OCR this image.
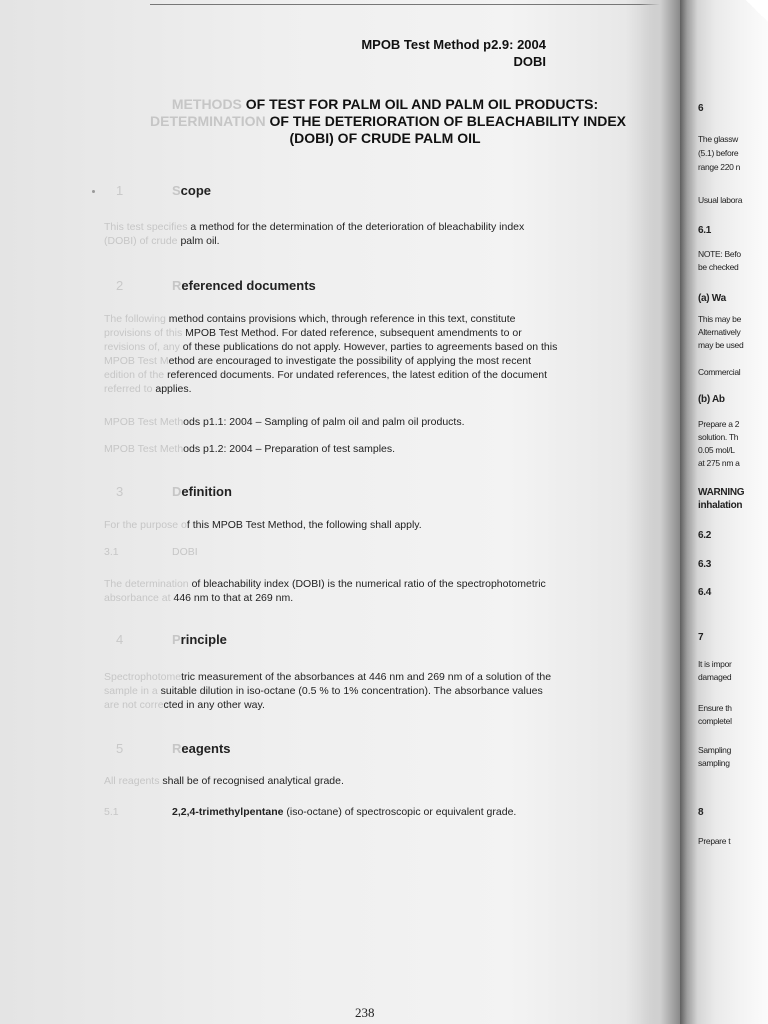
MPOB Test Method p2.9: 2004
DOBI
METHODS OF TEST FOR PALM OIL AND PALM OIL PRODUCTS:
DETERMINATION OF THE DETERIORATION OF BLEACHABILITY INDEX
(DOBI) OF CRUDE PALM OIL
1	Scope

This test specifies a method for the determination of the deterioration of bleachability index

(DOBI) of crude palm oil.

2	Referenced documents

The following method contains provisions which, through reference in this text, constitute

provisions of this MPOB Test Method. For dated reference, subsequent amendments to or

revisions of, any of these publications do not apply. However, parties to agreements based on this

MPOB Test Method are encouraged to investigate the possibility of applying the most recent

edition of the referenced documents. For undated references, the latest edition of the document

referred to applies.

MPOB Test Methods p1.1: 2004 – Sampling of palm oil and palm oil products.
MPOB Test Methods p1.2: 2004 – Preparation of test samples.
3	Definition
For the purpose of this MPOB Test Method, the following shall apply.
3.1	DOBI

The determination of bleachability index (DOBI) is the numerical ratio of the spectrophotometric

absorbance at 446 nm to that at 269 nm.

4	Principle

Spectrophotometric measurement of the absorbances at 446 nm and 269 nm of a solution of the

sample in a suitable dilution in iso-octane (0.5 % to 1% concentration). The absorbance values

are not corrected in any other way.

5	Reagents
All reagents shall be of recognised analytical grade.
5.1	2,2,4-trimethylpentane (iso-octane) of spectroscopic or equivalent grade.
238
6
The glassw
(5.1) before
range 220 n
Usual labora
6.1
NOTE: Befo
be checked
(a) Wa
This may be
Alternatively
may be used
Commercial
(b) Ab
Prepare a 2
solution. Th
0.05 mol/L
at 275 nm a
WARNING
inhalation
6.2
6.3
6.4
7
It is impor
damaged
Ensure th
completel
Sampling
sampling
8
Prepare t
